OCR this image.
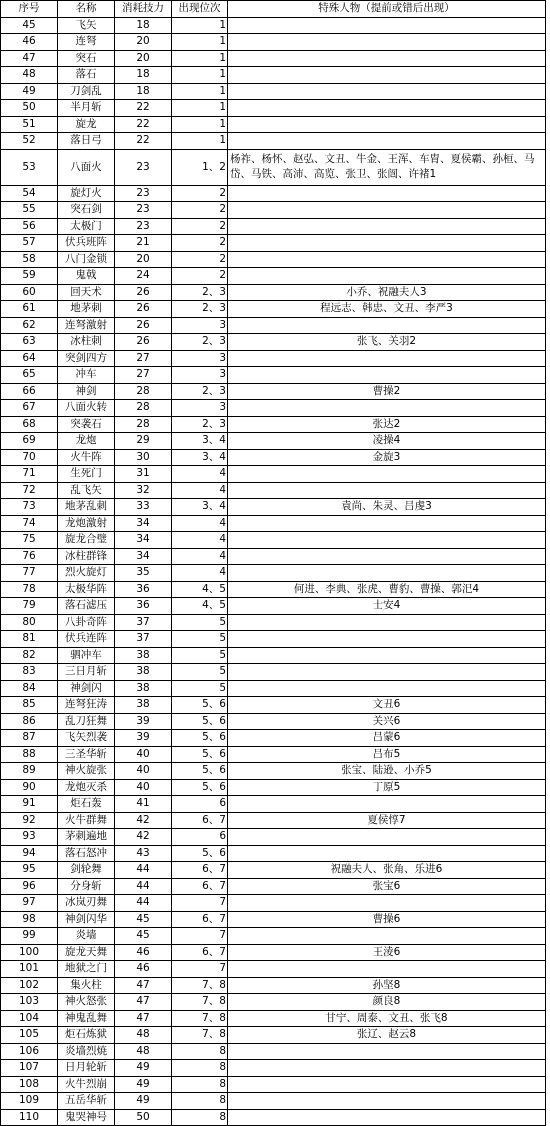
序号	名称	消耗技力	出现位次	特殊人物（提前或错后出现）
45	飞矢	18	1	
46	连弩	20	1	
47	突石	20	1	
48	落石	18	1	
49	刀剑乱	18	1	
50	半月斩	22	1	
51	旋龙	22	1	
52	落日弓	22	1	
53	八面火	23	1、2	杨祚、杨怀、赵弘、文丑、牛金、王浑、车胄、夏侯霸、孙桓、马岱、马铁、高沛、高览、张卫、张闿、许褚1
54	旋灯火	23	2	
55	突石剑	23	2	
56	太极门	23	2	
57	伏兵班阵	21	2	
58	八门金锁	20	2	
59	鬼戟	24	2	
60	回天术	26	2、3	小乔、祝融夫人3
61	地茅刺	26	2、3	程远志、韩忠、文丑、李严3
62	连弩激射	26	3	
63	冰柱刺	26	2、3	张飞、关羽2
64	突剑四方	27	3	
65	冲车	27	3	
66	神剑	28	2、3	曹操2
67	八面火转	28	3	
68	突袭石	28	2、3	张达2
69	龙炮	29	3、4	凌操4
70	火牛阵	30	3、4	金旋3
71	生死门	31	4	
72	乱飞矢	32	4	
73	地茅乱刺	33	3、4	袁尚、朱灵、吕虔3
74	龙炮激射	34	4	
75	旋龙合璧	34	4	
76	冰柱群锋	34	4	
77	烈火旋灯	35	4	
78	太极华阵	36	4、5	何进、李典、张虎、曹豹、曹操、郭汜4
79	落石滤压	36	4、5	士安4
80	八卦奇阵	37	5	
81	伏兵连阵	37	5	
82	驷冲车	38	5	
83	三日月斩	38	5	
84	神剑闪	38	5	
85	连弩狂涛	38	5、6	文丑6
86	乱刀狂舞	39	5、6	关兴6
87	飞矢烈袭	39	5、6	吕蒙6
88	三圣华斩	40	5、6	吕布5
89	神火旋张	40	5、6	张宝、陆逊、小乔5
90	龙炮灭杀	40	5、6	丁原5
91	炬石轰	41	6	
92	火牛群舞	42	6、7	夏侯惇7
93	茅刺遍地	42	6	
94	落石怒冲	43	5、6	
95	剑轮舞	44	6、7	祝融夫人、张角、乐进6
96	分身斩	44	6、7	张宝6
97	冰岚刃舞	44	7	
98	神剑闪华	45	6、7	曹操6
99	炎墙	45	7	
100	旋龙天舞	46	6、7	王淩6
101	地狱之门	46	7	
102	集火柱	47	7、8	孙坚8
103	神火怒张	47	7、8	颜良8
104	神鬼乱舞	47	7、8	甘宁、周泰、文丑、张飞8
105	炬石炼狱	48	7、8	张辽、赵云8
106	炎墙烈焼	48	8	
107	日月轮斩	49	8	
108	火牛烈崩	49	8	
109	五岳华斩	49	8	
110	鬼哭神号	50	8	
